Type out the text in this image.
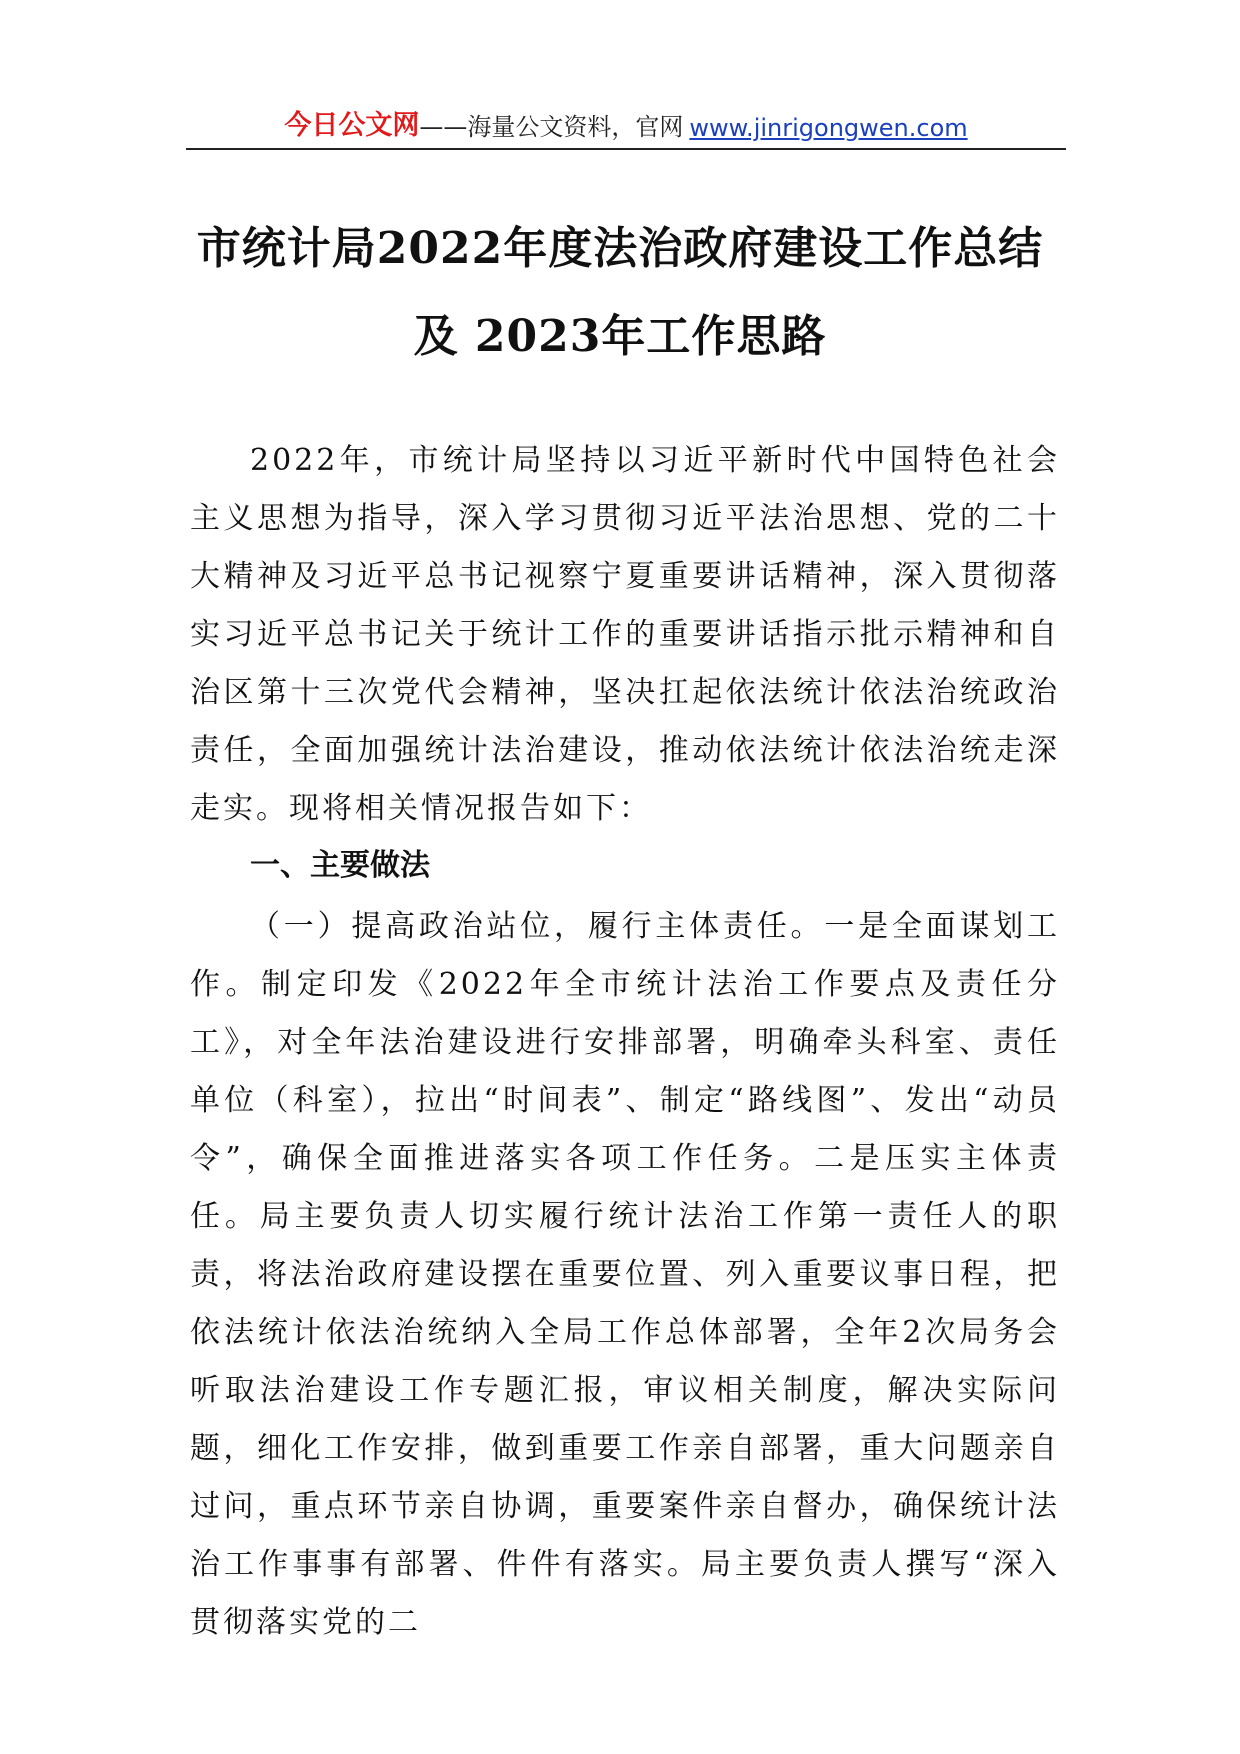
今日公文网 ——海量公文资料，官网 www.jinrigongwen.com
市统计局2022年度法治政府建设工作总结
及 2023年工作思路

2022年，市统计局坚持以习近平新时代中国特色社会主义思想为指导，深入学习贯彻习近平法治思想、党的二十大精神及习近平总书记视察宁夏重要讲话精神，深入贯彻落实习近平总书记关于统计工作的重要讲话指示批示精神和自治区第十三次党代会精神，坚决扛起依法统计依法治统政治责任，全面加强统计法治建设，推动依法统计依法治统走深走实。现将相关情况报告如下：

一、主要做法

（一）提高政治站位，履行主体责任。一是全面谋划工作。制定印发《2022年全市统计法治工作要点及责任分工》，对全年法治建设进行安排部署，明确牵头科室、责任单位（科室），拉出“时间表”、制定“路线图”、发出“动员令”，确保全面推进落实各项工作任务。二是压实主体责任。局主要负责人切实履行统计法治工作第一责任人的职责，将法治政府建设摆在重要位置、列入重要议事日程，把依法统计依法治统纳入全局工作总体部署，全年2次局务会听取法治建设工作专题汇报，审议相关制度，解决实际问题，细化工作安排，做到重要工作亲自部署，重大问题亲自过问，重点环节亲自协调，重要案件亲自督办，确保统计法治工作事事有部署、件件有落实。局主要负责人撰写“深入贯彻落实党的二
